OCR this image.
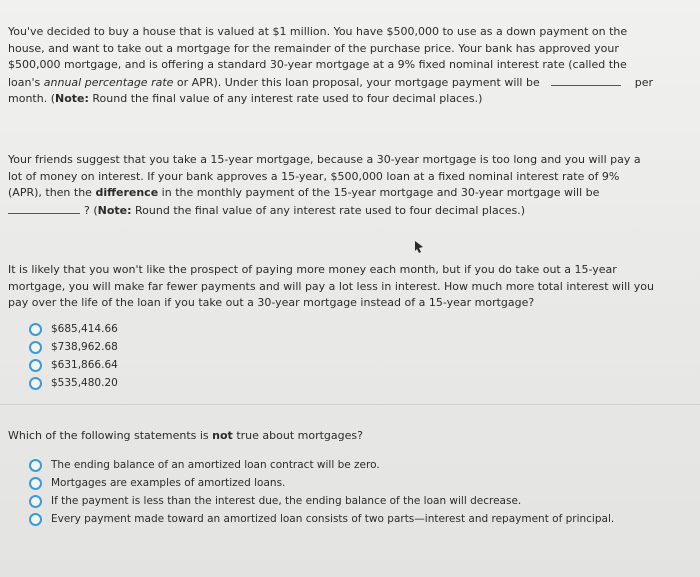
You've decided to buy a house that is valued at $1 million. You have $500,000 to use as a down payment on the
house, and want to take out a mortgage for the remainder of the purchase price. Your bank has approved your
$500,000 mortgage, and is offering a standard 30-year mortgage at a 9% fixed nominal interest rate (called the
loan's annual percentage rate or APR). Under this loan proposal, your mortgage payment will be	per
month. (Note: Round the final value of any interest rate used to four decimal places.)
Your friends suggest that you take a 15-year mortgage, because a 30-year mortgage is too long and you will pay a
lot of money on interest. If your bank approves a 15-year, $500,000 loan at a fixed nominal interest rate of 9%
(APR), then the difference in the monthly payment of the 15-year mortgage and 30-year mortgage will be
? (Note: Round the final value of any interest rate used to four decimal places.)
It is likely that you won't like the prospect of paying more money each month, but if you do take out a 15-year
mortgage, you will make far fewer payments and will pay a lot less in interest. How much more total interest will you
pay over the life of the loan if you take out a 30-year mortgage instead of a 15-year mortgage?
$685,414.66
$738,962.68
$631,866.64
$535,480.20
Which of the following statements is not true about mortgages?
The ending balance of an amortized loan contract will be zero.
Mortgages are examples of amortized loans.
If the payment is less than the interest due, the ending balance of the loan will decrease.
Every payment made toward an amortized loan consists of two parts—interest and repayment of principal.
